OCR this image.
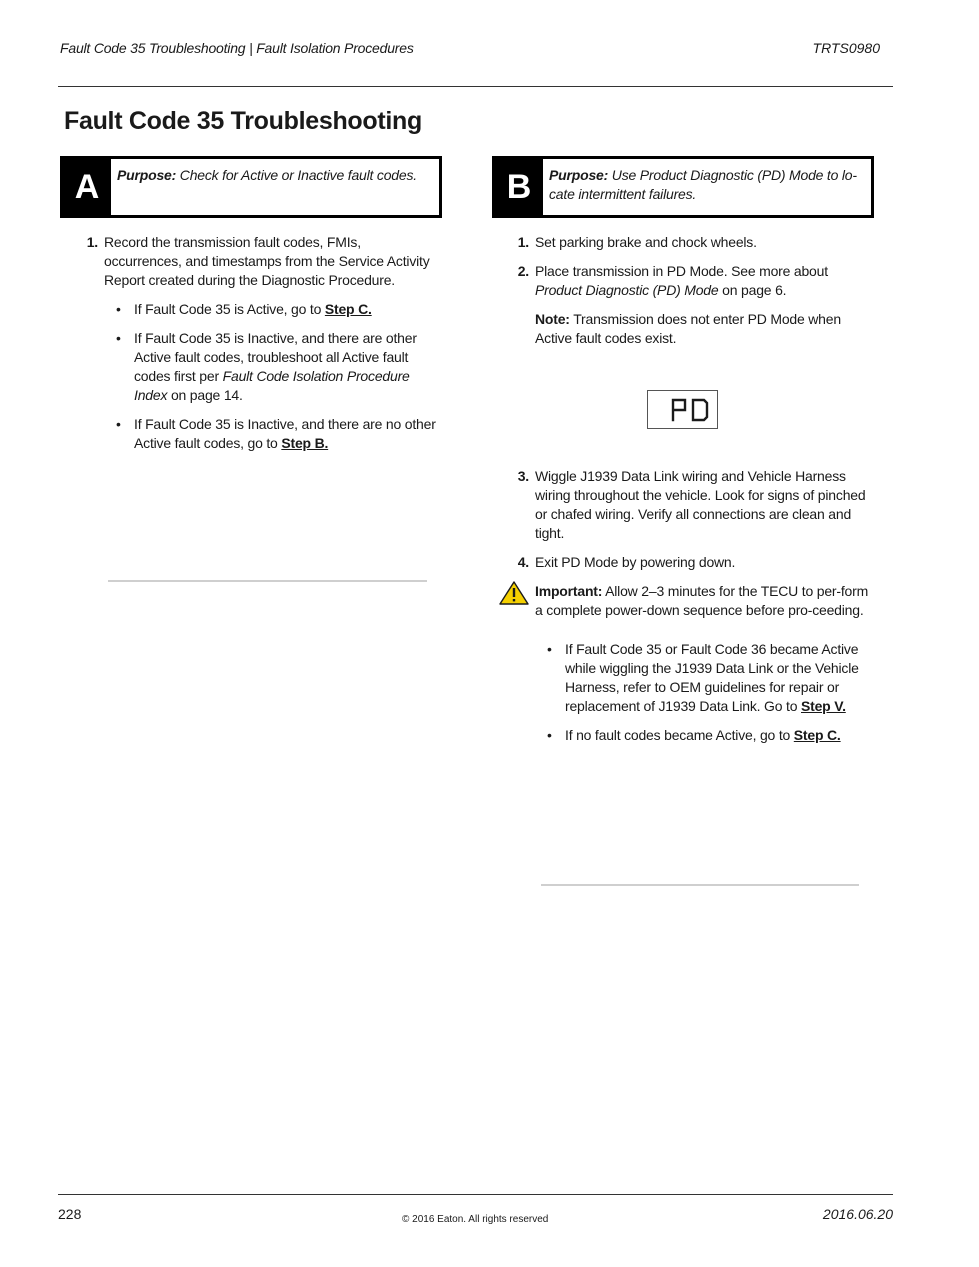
Fault Code 35 Troubleshooting | Fault Isolation Procedures	TRTS0980
Fault Code 35 Troubleshooting
A	Purpose: Check for Active or Inactive fault codes.	B	Purpose: Use Product Diagnostic (PD) Mode to lo-cate intermittent failures.
1. Record the transmission fault codes, FMIs, occurrences, and timestamps from the Service Activity Report created during the Diagnostic Procedure.
• If Fault Code 35 is Active, go to Step C.
• If Fault Code 35 is Inactive, and there are other Active fault codes, troubleshoot all Active fault codes first per Fault Code Isolation Procedure Index on page 14.
• If Fault Code 35 is Inactive, and there are no other Active fault codes, go to Step B.
1. Set parking brake and chock wheels.
2. Place transmission in PD Mode. See more about Product Diagnostic (PD) Mode on page 6.
Note: Transmission does not enter PD Mode when Active fault codes exist.
3. Wiggle J1939 Data Link wiring and Vehicle Harness wiring throughout the vehicle. Look for signs of pinched or chafed wiring. Verify all connections are clean and tight.
4. Exit PD Mode by powering down.
Important: Allow 2–3 minutes for the TECU to per-form a complete power-down sequence before pro-ceeding.
• If Fault Code 35 or Fault Code 36 became Active while wiggling the J1939 Data Link or the Vehicle Harness, refer to OEM guidelines for repair or replacement of J1939 Data Link. Go to Step V.
• If no fault codes became Active, go to Step C.
228	© 2016 Eaton. All rights reserved	2016.06.20
